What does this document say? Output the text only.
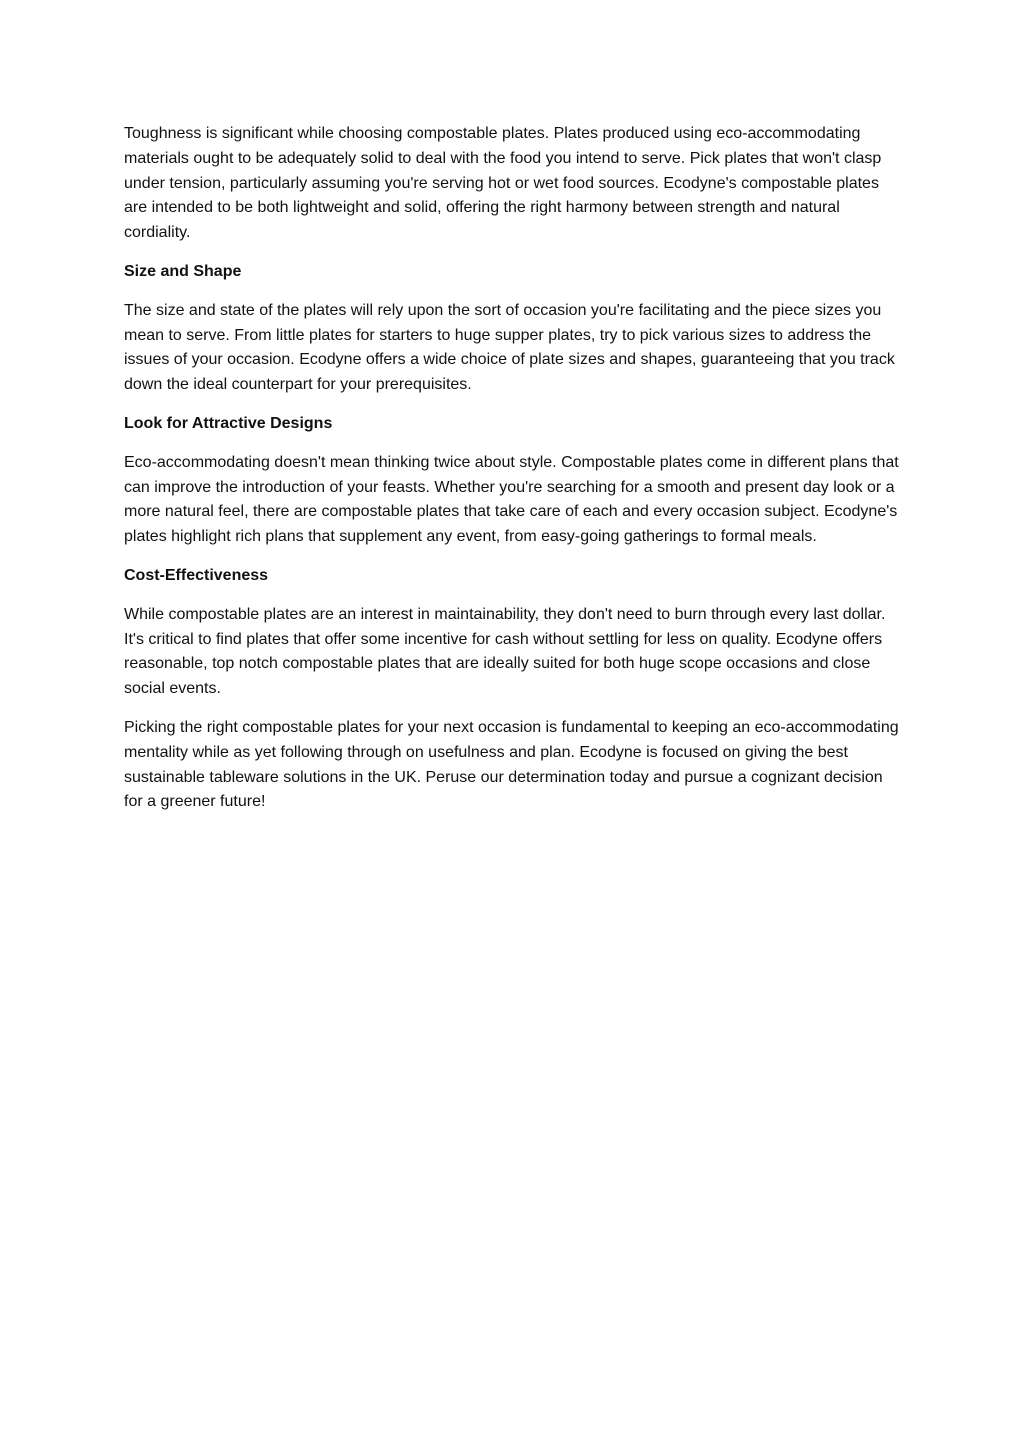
Toughness is significant while choosing compostable plates. Plates produced using eco-accommodating materials ought to be adequately solid to deal with the food you intend to serve. Pick plates that won't clasp under tension, particularly assuming you're serving hot or wet food sources. Ecodyne's compostable plates are intended to be both lightweight and solid, offering the right harmony between strength and natural cordiality.

Size and Shape

The size and state of the plates will rely upon the sort of occasion you're facilitating and the piece sizes you mean to serve. From little plates for starters to huge supper plates, try to pick various sizes to address the issues of your occasion. Ecodyne offers a wide choice of plate sizes and shapes, guaranteeing that you track down the ideal counterpart for your prerequisites.

Look for Attractive Designs

Eco-accommodating doesn't mean thinking twice about style. Compostable plates come in different plans that can improve the introduction of your feasts. Whether you're searching for a smooth and present day look or a more natural feel, there are compostable plates that take care of each and every occasion subject. Ecodyne's plates highlight rich plans that supplement any event, from easy-going gatherings to formal meals.

Cost-Effectiveness

While compostable plates are an interest in maintainability, they don't need to burn through every last dollar. It's critical to find plates that offer some incentive for cash without settling for less on quality. Ecodyne offers reasonable, top notch compostable plates that are ideally suited for both huge scope occasions and close social events.

Picking the right compostable plates for your next occasion is fundamental to keeping an eco-accommodating mentality while as yet following through on usefulness and plan. Ecodyne is focused on giving the best sustainable tableware solutions in the UK. Peruse our determination today and pursue a cognizant decision for a greener future!
